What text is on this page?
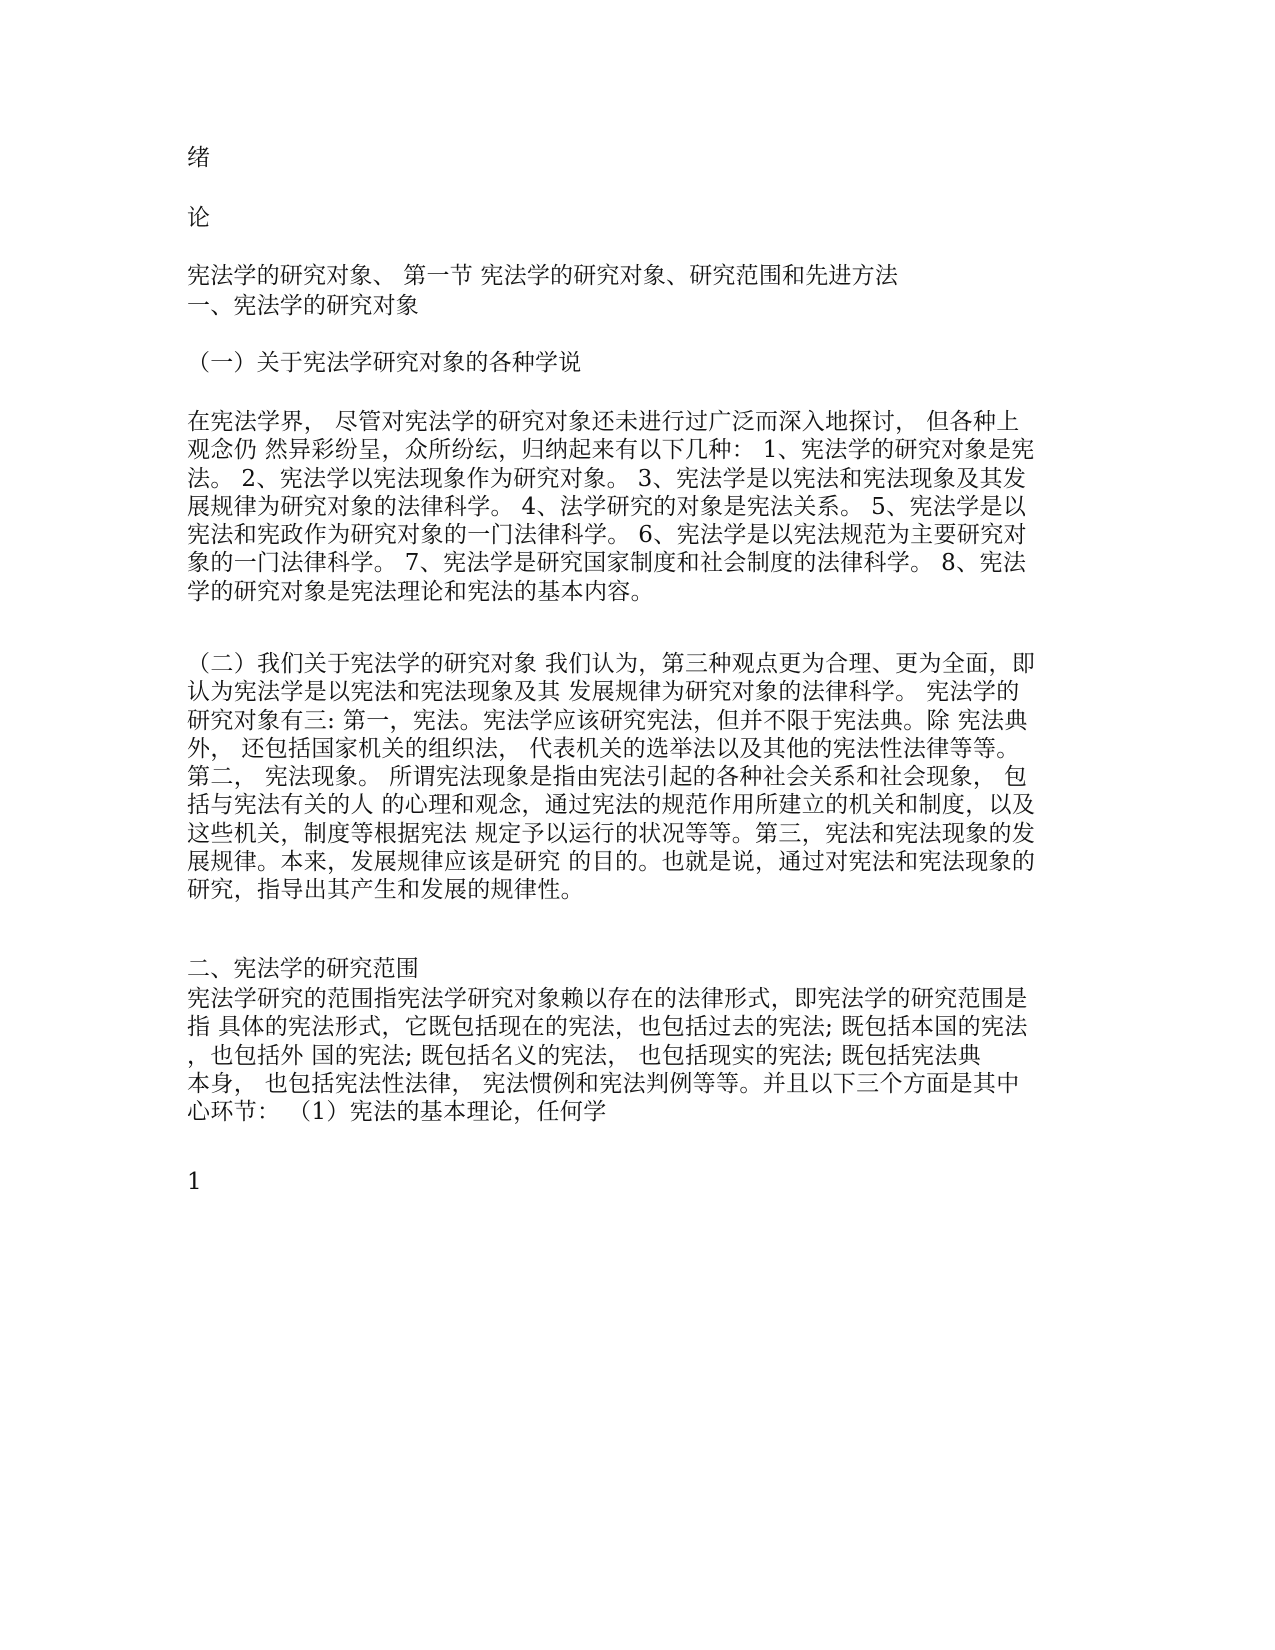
绪
论
宪法学的研究对象、 第一节 宪法学的研究对象、研究范围和先进方法
一、宪法学的研究对象
（一）关于宪法学研究对象的各种学说
在宪法学界， 尽管对宪法学的研究对象还未进行过广泛而深入地探讨， 但各种上
观念仍 然异彩纷呈，众所纷纭，归纳起来有以下几种： 1、宪法学的研究对象是宪
法。 2、宪法学以宪法现象作为研究对象。 3、宪法学是以宪法和宪法现象及其发
展规律为研究对象的法律科学。 4、法学研究的对象是宪法关系。 5、宪法学是以
宪法和宪政作为研究对象的一门法律科学。 6、宪法学是以宪法规范为主要研究对
象的一门法律科学。 7、宪法学是研究国家制度和社会制度的法律科学。 8、宪法
学的研究对象是宪法理论和宪法的基本内容。
（二）我们关于宪法学的研究对象 我们认为，第三种观点更为合理、更为全面，即
认为宪法学是以宪法和宪法现象及其 发展规律为研究对象的法律科学。 宪法学的
研究对象有三: 第一，宪法。宪法学应该研究宪法，但并不限于宪法典。除 宪法典
外， 还包括国家机关的组织法， 代表机关的选举法以及其他的宪法性法律等等。
第二， 宪法现象。 所谓宪法现象是指由宪法引起的各种社会关系和社会现象， 包
括与宪法有关的人 的心理和观念，通过宪法的规范作用所建立的机关和制度，以及
这些机关，制度等根据宪法 规定予以运行的状况等等。第三，宪法和宪法现象的发
展规律。本来，发展规律应该是研究 的目的。也就是说，通过对宪法和宪法现象的
研究，指导出其产生和发展的规律性。
二、宪法学的研究范围
宪法学研究的范围指宪法学研究对象赖以存在的法律形式，即宪法学的研究范围是
指 具体的宪法形式，它既包括现在的宪法，也包括过去的宪法; 既包括本国的宪法
，也包括外 国的宪法; 既包括名义的宪法， 也包括现实的宪法; 既包括宪法典
本身， 也包括宪法性法律， 宪法惯例和宪法判例等等。并且以下三个方面是其中
心环节： （1）宪法的基本理论，任何学
1
